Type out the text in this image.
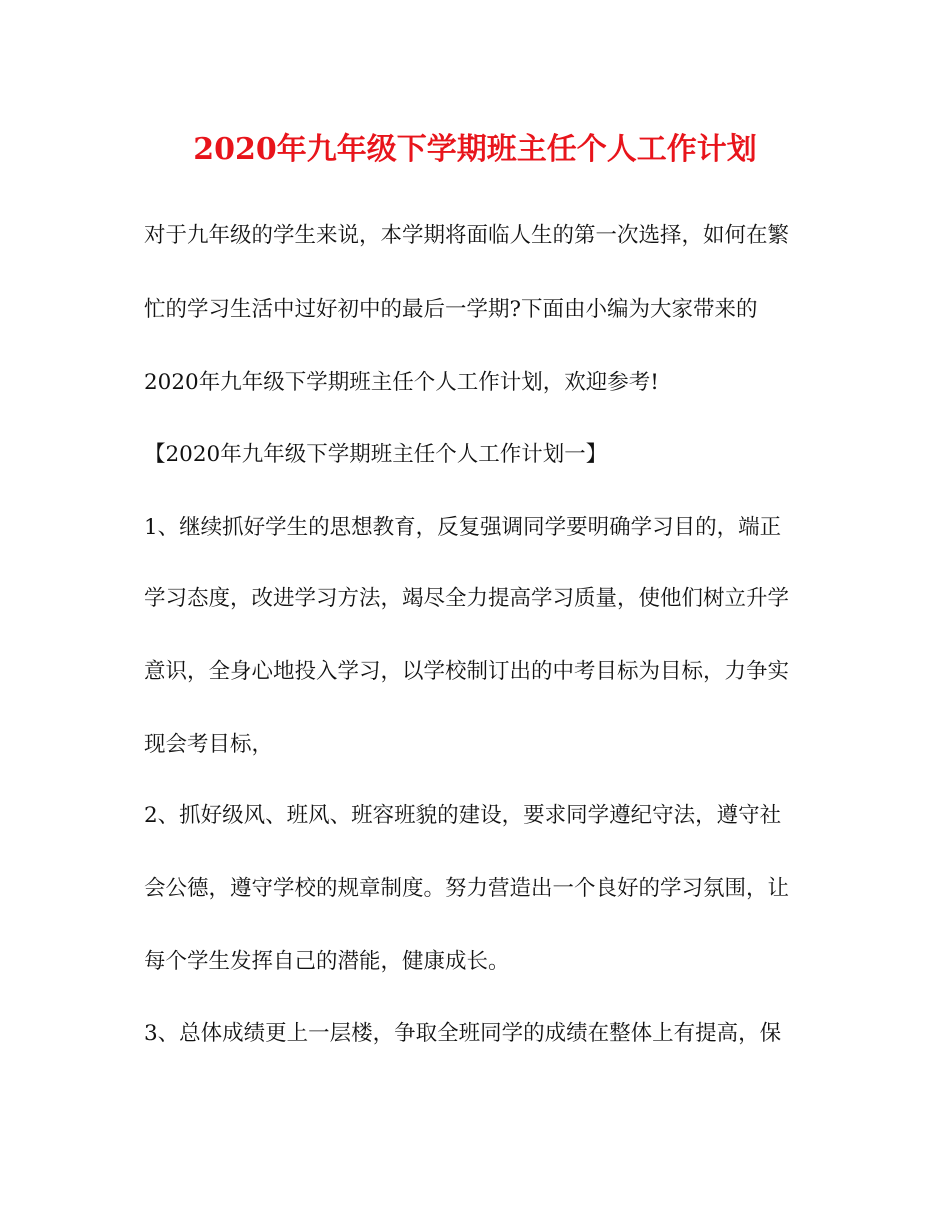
2020年九年级下学期班主任个人工作计划
对于九年级的学生来说，本学期将面临人生的第一次选择，如何在繁
忙的学习生活中过好初中的最后一学期?下面由小编为大家带来的
2020年九年级下学期班主任个人工作计划，欢迎参考!
【2020年九年级下学期班主任个人工作计划一】
1、继续抓好学生的思想教育，反复强调同学要明确学习目的，端正
学习态度，改进学习方法，竭尽全力提高学习质量，使他们树立升学
意识，全身心地投入学习，以学校制订出的中考目标为目标，力争实
现会考目标，
2、抓好级风、班风、班容班貌的建设，要求同学遵纪守法，遵守社
会公德，遵守学校的规章制度。努力营造出一个良好的学习氛围，让
每个学生发挥自己的潜能，健康成长。
3、总体成绩更上一层楼，争取全班同学的成绩在整体上有提高，保
